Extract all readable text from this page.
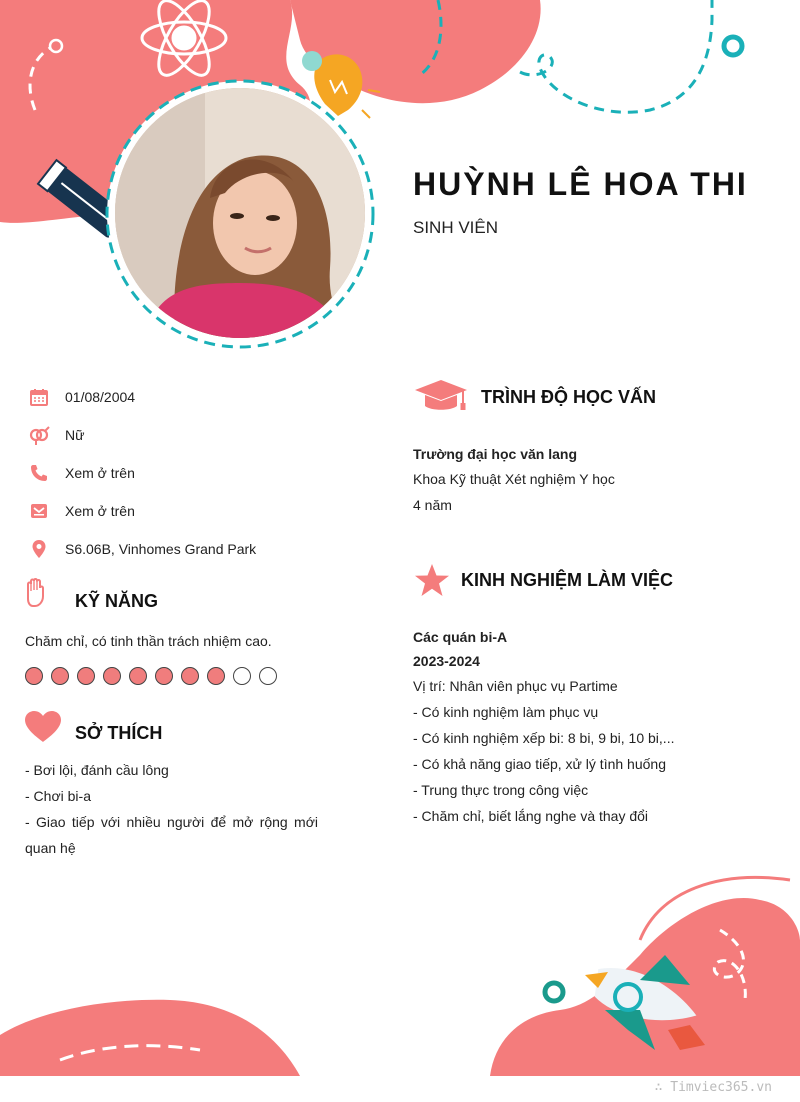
HUỲNH LÊ HOA THI
SINH VIÊN
01/08/2004
Nữ
Xem ở trên
Xem ở trên
S6.06B, Vinhomes Grand Park
KỸ NĂNG
Chăm chỉ, có tinh thần trách nhiệm cao.
SỞ THÍCH
- Bơi lội, đánh cầu lông
- Chơi bi-a
- Giao tiếp với nhiều người để mở rộng mới
quan hệ
TRÌNH ĐỘ HỌC VẤN
Trường đại học văn lang
Khoa Kỹ thuật Xét nghiệm Y học
4 năm
KINH NGHIỆM LÀM VIỆC
Các quán bi-A
2023-2024
Vị trí: Nhân viên phục vụ Partime
- Có kinh nghiệm làm phục vụ
- Có kinh nghiệm xếp bi: 8 bi, 9 bi, 10 bi,...
- Có khả năng giao tiếp, xử lý tình huống
- Trung thực trong công việc
- Chăm chỉ, biết lắng nghe và thay đổi
∴ Timviec365.vn
